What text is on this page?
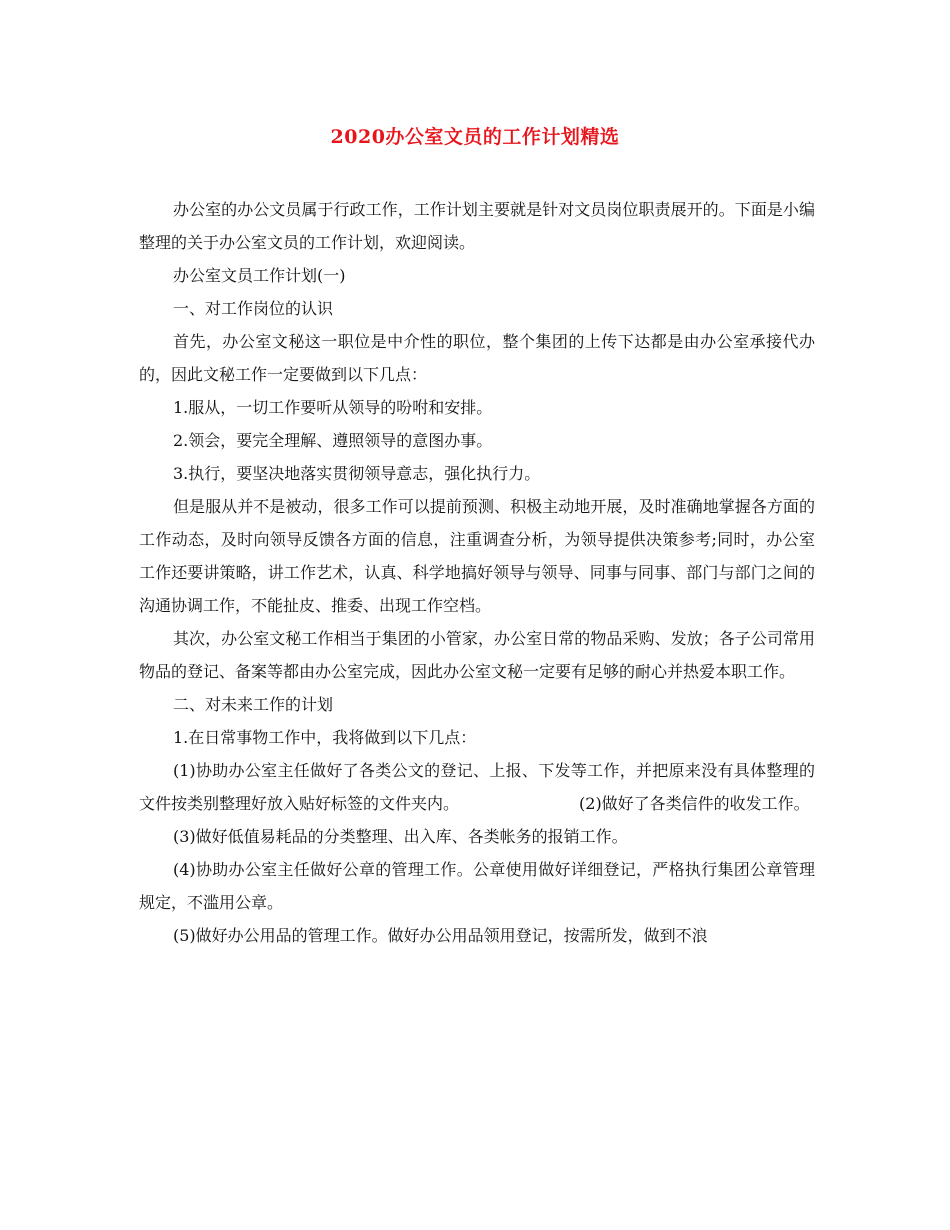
2020办公室文员的工作计划精选

办公室的办公文员属于行政工作，工作计划主要就是针对文员岗位职责展开的。下面是小编整理的关于办公室文员的工作计划，欢迎阅读。

办公室文员工作计划(一)

一、对工作岗位的认识

首先，办公室文秘这一职位是中介性的职位，整个集团的上传下达都是由办公室承接代办的，因此文秘工作一定要做到以下几点：

1.服从，一切工作要听从领导的吩咐和安排。

2.领会，要完全理解、遵照领导的意图办事。

3.执行，要坚决地落实贯彻领导意志，强化执行力。

但是服从并不是被动，很多工作可以提前预测、积极主动地开展，及时准确地掌握各方面的工作动态，及时向领导反馈各方面的信息，注重调查分析，为领导提供决策参考;同时，办公室工作还要讲策略，讲工作艺术，认真、科学地搞好领导与领导、同事与同事、部门与部门之间的沟通协调工作，不能扯皮、推委、出现工作空档。

其次，办公室文秘工作相当于集团的小管家，办公室日常的物品采购、发放；各子公司常用物品的登记、备案等都由办公室完成，因此办公室文秘一定要有足够的耐心并热爱本职工作。

二、对未来工作的计划

1.在日常事物工作中，我将做到以下几点：

(1)协助办公室主任做好了各类公文的登记、上报、下发等工作，并把原来没有具体整理的文件按类别整理好放入贴好标签的文件夹内。	(2)做好了各类信件的收发工作。

(3)做好低值易耗品的分类整理、出入库、各类帐务的报销工作。

(4)协助办公室主任做好公章的管理工作。公章使用做好详细登记，严格执行集团公章管理规定，不滥用公章。

(5)做好办公用品的管理工作。做好办公用品领用登记，按需所发，做到不浪
